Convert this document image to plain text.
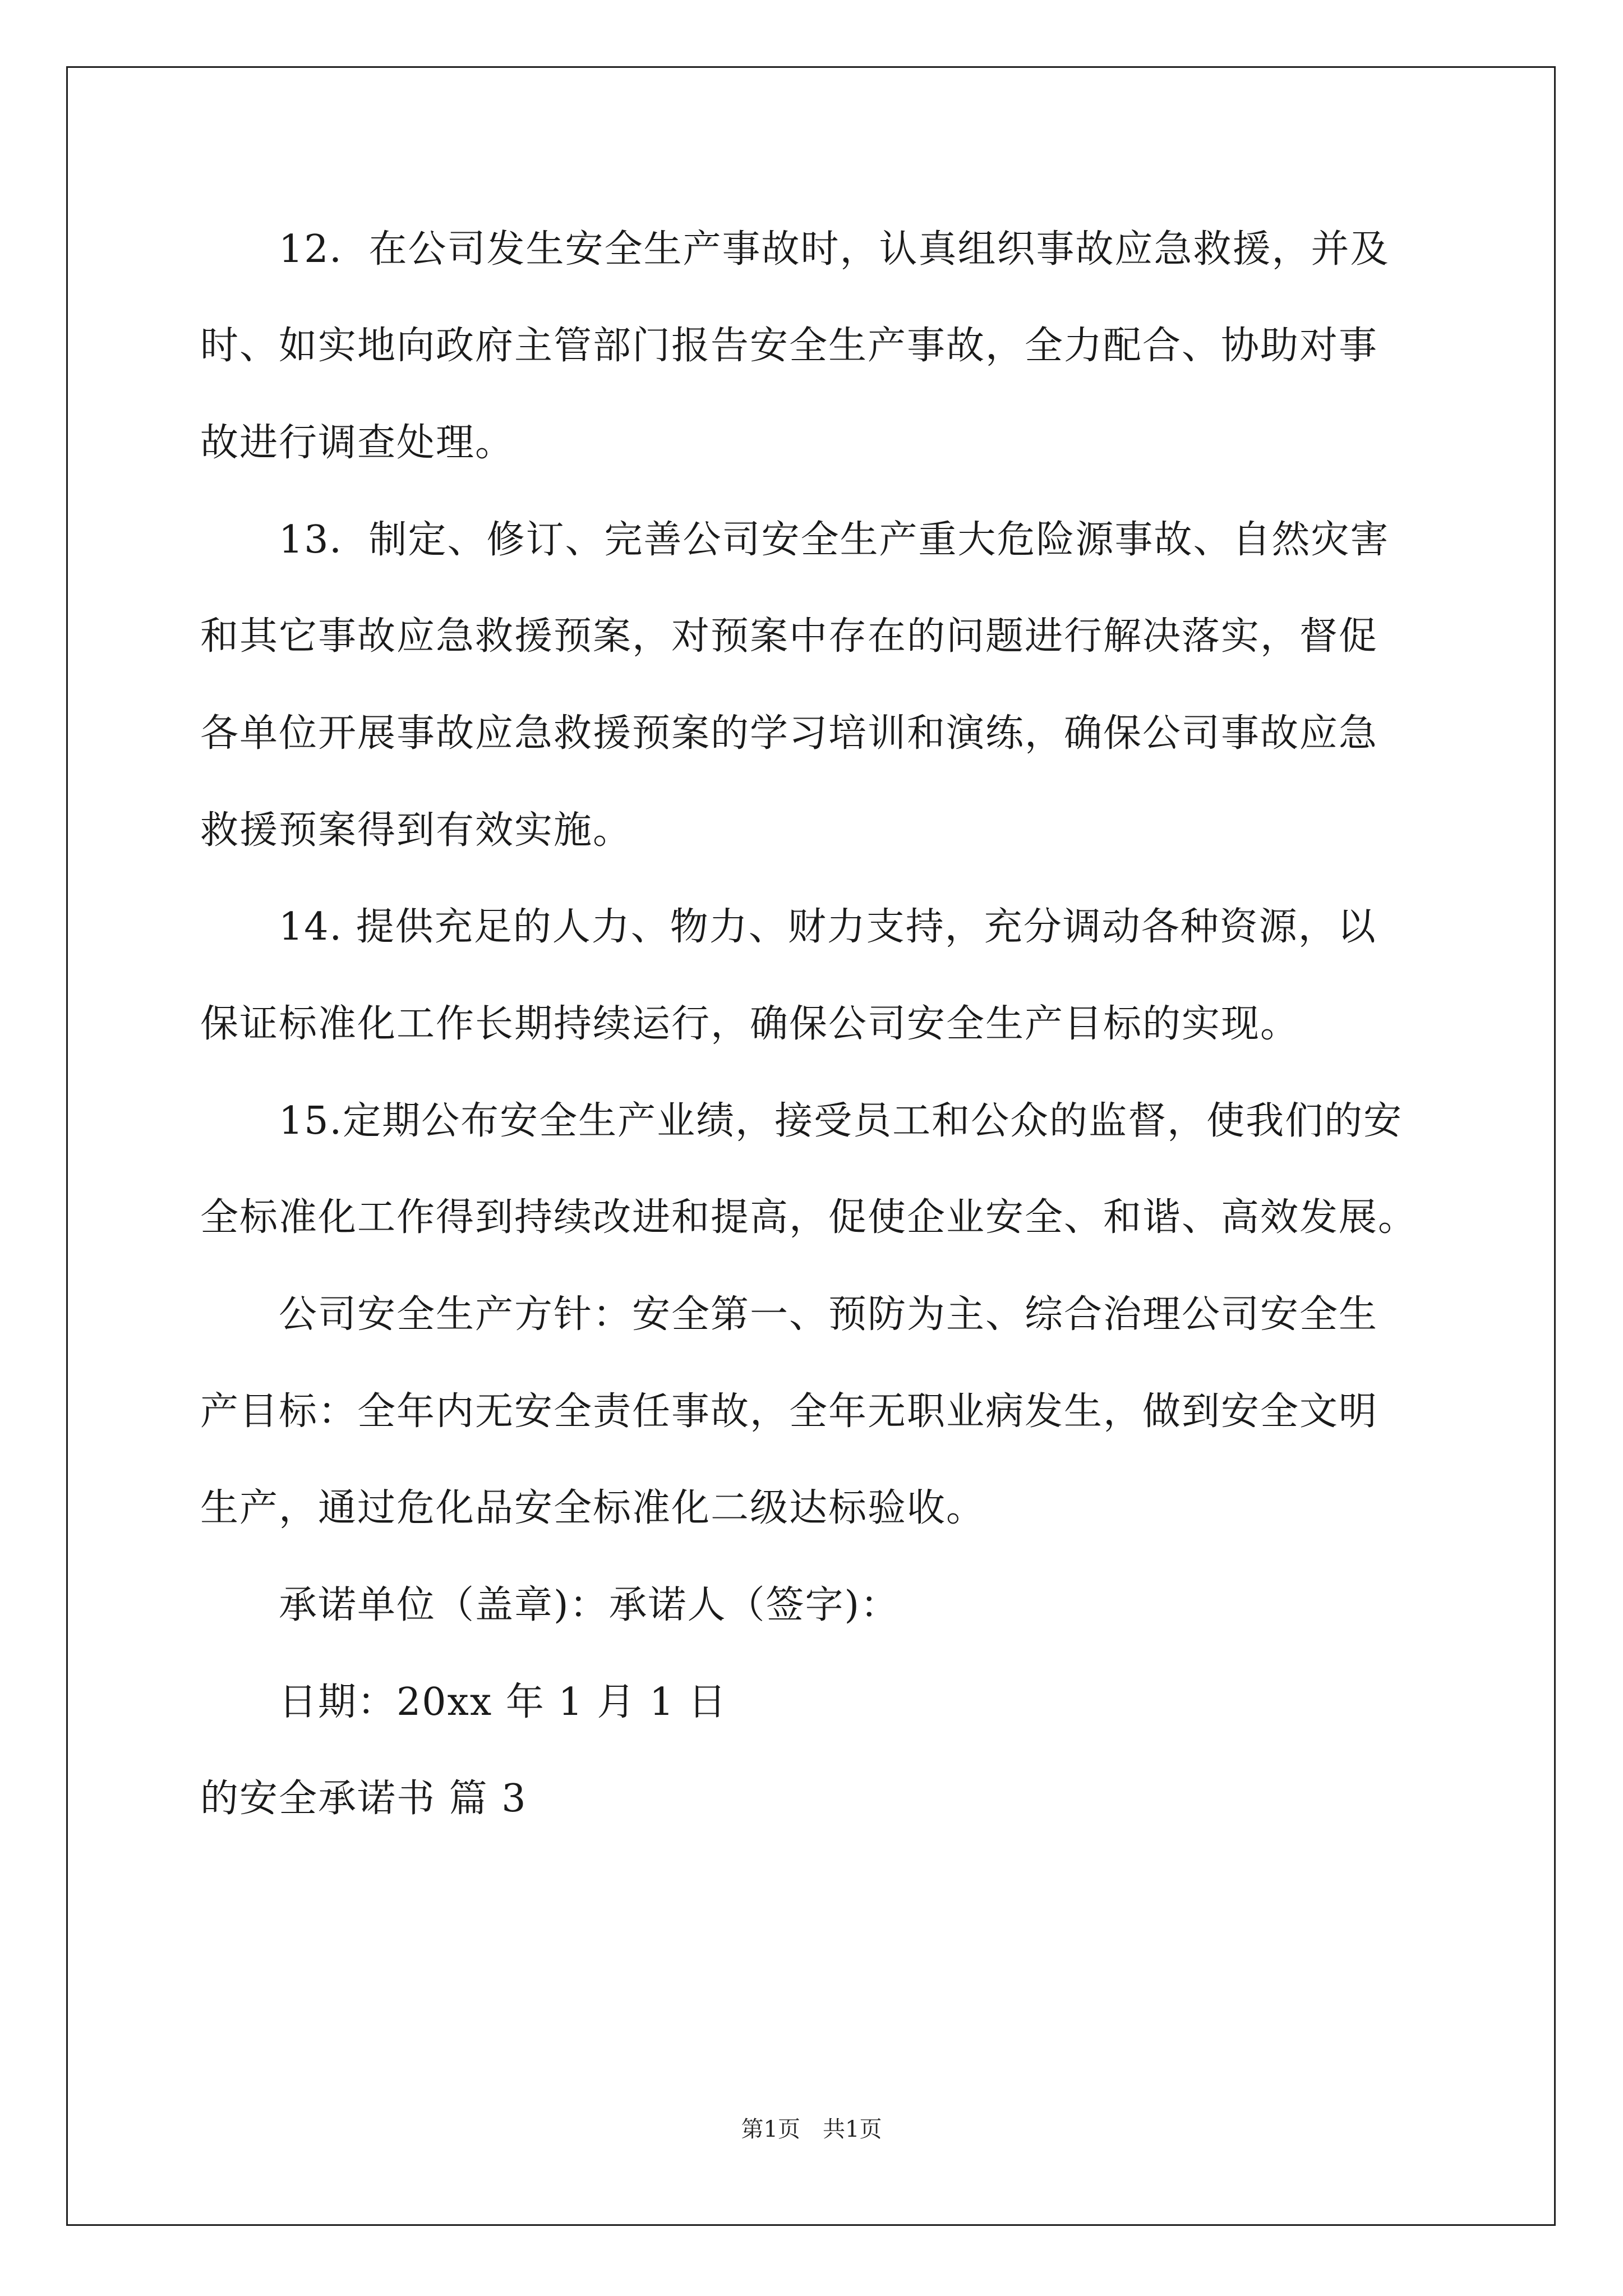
12．在公司发生安全生产事故时，认真组织事故应急救援，并及
时、如实地向政府主管部门报告安全生产事故，全力配合、协助对事
故进行调查处理。
13．制定、修订、完善公司安全生产重大危险源事故、自然灾害
和其它事故应急救援预案，对预案中存在的问题进行解决落实，督促
各单位开展事故应急救援预案的学习培训和演练，确保公司事故应急
救援预案得到有效实施。
14. 提供充足的人力、物力、财力支持，充分调动各种资源，以
保证标准化工作长期持续运行，确保公司安全生产目标的实现。
15.定期公布安全生产业绩，接受员工和公众的监督，使我们的安
全标准化工作得到持续改进和提高，促使企业安全、和谐、高效发展。
公司安全生产方针：安全第一、预防为主、综合治理公司安全生
产目标：全年内无安全责任事故，全年无职业病发生，做到安全文明
生产，通过危化品安全标准化二级达标验收。
承诺单位（盖章)：承诺人（签字)：
日期：20xx 年 1 月 1 日
的安全承诺书 篇 3
第1页　共1页
